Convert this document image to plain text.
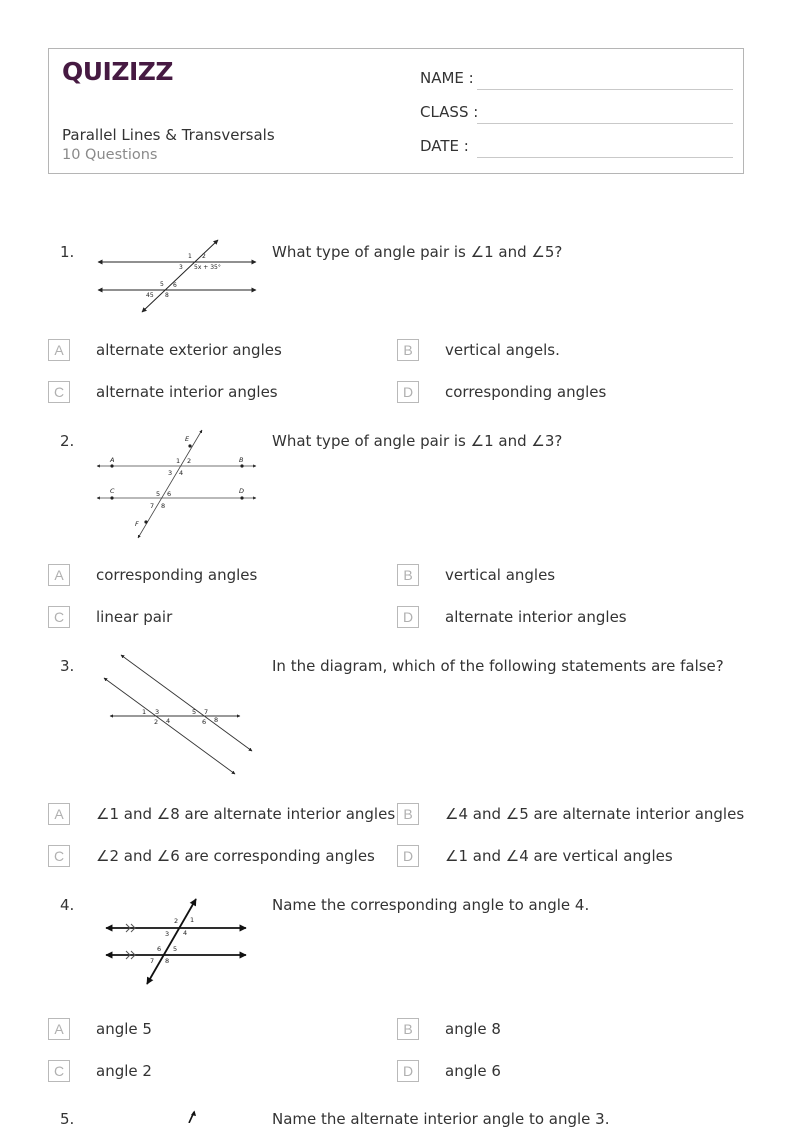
QUIZIZZ
Parallel Lines & Transversals
10 Questions
NAME :
CLASS :
DATE :
1.	1 2
3 5x + 35°
5 6
45 8
What type of angle pair is ∠1 and ∠5?
A	alternate exterior angles	B	vertical angels.
C	alternate interior angles	D	corresponding angles
2.	E
A	1 2	B
3 4
C	5 6	D
7 8
F
What type of angle pair is ∠1 and ∠3?
A	corresponding angles	B	vertical angles
C	linear pair	D	alternate interior angles
3.
1 3
2 4
5 7
6 8
In the diagram, which of the following statements are false?
A	∠1 and ∠8 are alternate interior angles B	∠4 and ∠5 are alternate interior angles
C	∠2 and ∠6 are corresponding angles	D	∠1 and ∠4 are vertical angles
4.
2 1
3 4
6 5
7 8
Name the corresponding angle to angle 4.
A	angle 5	B	angle 8
C	angle 2	D	angle 6
5.	Name the alternate interior angle to angle 3.
